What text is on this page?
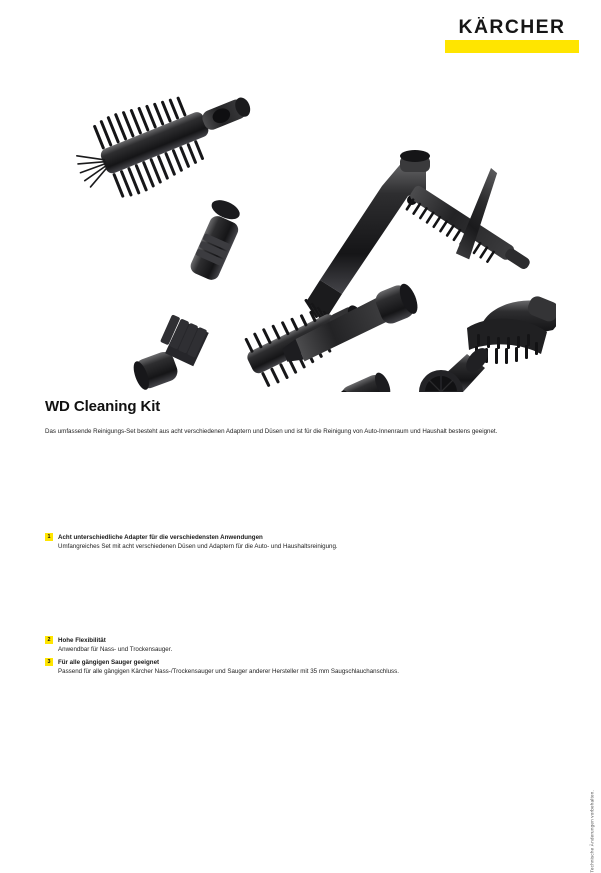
KÄRCHER
WD Cleaning Kit
Das umfassende Reinigungs-Set besteht aus acht verschiedenen Adaptern und Düsen und ist für die Reinigung von Auto-Innenraum und Haushalt bestens geeignet.
1	Acht unterschiedliche Adapter für die verschiedensten Anwendungen
Umfangreiches Set mit acht verschiedenen Düsen und Adaptern für die Auto- und Haushaltsreinigung.
2	Hohe Flexibilität
Anwendbar für Nass- und Trockensauger.
3	Für alle gängigen Sauger geeignet
Passend für alle gängigen Kärcher Nass-/Trockensauger und Sauger anderer Hersteller mit 35 mm Saugschlauchanschluss.
Technische Änderungen vorbehalten.
